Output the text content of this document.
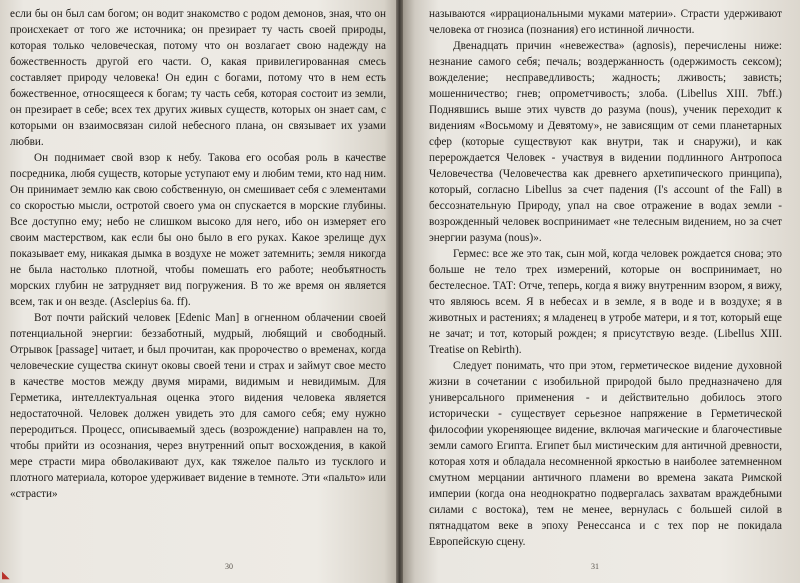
если бы он был сам богом; он водит знакомство с родом демонов, зная, что он происхекает от того же источника; он презирает ту часть своей природы, которая только человеческая, потому что он возлагает свою надежду на божественность другой его части. О, какая привилегированная смесь составляет природу человека! Он един с богами, потому что в нем есть божественное, относящееся к богам; ту часть себя, которая состоит из земли, он презирает в себе; всех тех других живых существ, которых он знает сам, с которыми он взаимосвязан силой небесного плана, он связывает их узами любви.

Он поднимает свой взор к небу. Такова его особая роль в качестве посредника, любя существ, которые уступают ему и любим теми, кто над ним. Он принимает землю как свою собственную, он смешивает себя с элементами со скоростью мысли, остротой своего ума он спускается в морские глубины. Все доступно ему; небо не слишком высоко для него, ибо он измеряет его своим мастерством, как если бы оно было в его руках. Какое зрелище дух показывает ему, никакая дымка в воздухе не может затемнить; земля никогда не была настолько плотной, чтобы помешать его работе; необъятность морских глубин не затрудняет вид погружения. В то же время он является всем, так и он везде. (Asclepius 6a. ff).

Вот почти райский человек [Edenic Man] в огненном облачении своей потенциальной энергии: беззаботный, мудрый, любящий и свободный. Отрывок [passage] читает, и был прочитан, как пророчество о временах, когда человеческие существа скинут оковы своей тени и страх и займут свое место в качестве мостов между двумя мирами, видимым и невидимым. Для Герметика, интеллектуальная оценка этого видения человека является недостаточной. Человек должен увидеть это для самого себя; ему нужно переродиться. Процесс, описываемый здесь (возрождение) направлен на то, чтобы прийти из осознания, через внутренний опыт восхождения, в какой мере страсти мира обволакивают дух, как тяжелое пальто из тусклого и плотного материала, которое удерживает видение в темноте. Эти «пальто» или «страсти»

30
◣

называются «иррациональными муками материи». Страсти удерживают человека от гнозиса (познания) его истинной личности.

Двенадцать причин «невежества» (agnosis), перечислены ниже: незнание самого себя; печаль; воздержанность (одержимость сексом); вожделение; несправедливость; жадность; лживость; зависть; мошенничество; гнев; опрометчивость; злоба. (Libellus XIII. 7bff.) Поднявшись выше этих чувств до разума (nous), ученик переходит к видениям «Восьмому и Девятому», не зависящим от семи планетарных сфер (которые существуют как внутри, так и снаружи), и как перерождается Человек - участвуя в видении подлинного Антропоса Человечества (Человечества как древнего архетипического принципа), который, согласно Libellus за счет падения (I's account of the Fall) в бессознательную Природу, упал на свое отражение в водах земли - возрожденный человек воспринимает «не телесным видением, но за счет энергии разума (nous)».

Гермес: все же это так, сын мой, когда человек рождается снова; это больше не тело трех измерений, которые он воспринимает, но бестелесное. ТАТ: Отче, теперь, когда я вижу внутренним взором, я вижу, что являюсь всем. Я в небесах и в земле, я в воде и в воздухе; я в животных и растениях; я младенец в утробе матери, и я тот, который еще не зачат; и тот, который рожден; я присутствую везде. (Libellus XIII. Treatise on Rebirth).

Следует понимать, что при этом, герметическое видение духовной жизни в сочетании с изобильной природой было предназначено для универсального применения - и действительно добилось этого исторически - существует серьезное напряжение в Герметической философии укореняющее видение, включая магические и благочестивые земли самого Египта. Египет был мистическим для античной древности, которая хотя и обладала несомненной яркостью в наиболее затемненном смутном мерцании античного пламени во времена заката Римской империи (когда она неоднократно подвергалась захватам враждебными силами с востока), тем не менее, вернулась с большей силой в пятнадцатом веке в эпоху Ренессанса и с тех пор не покидала Европейскую сцену.

31
